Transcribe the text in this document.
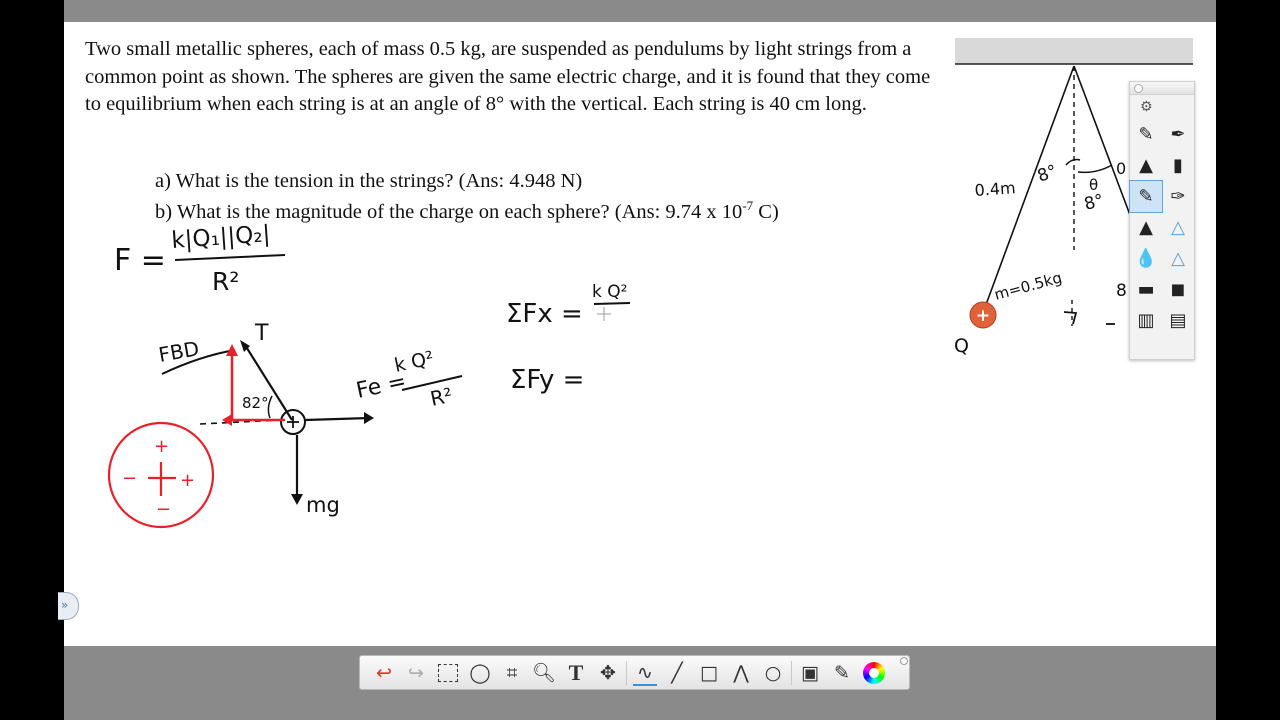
Two small metallic spheres, each of mass 0.5 kg, are suspended as pendulums by light strings from a common point as shown. The spheres are given the same electric charge, and it is found that they come to equilibrium when each string is at an angle of 8° with the vertical. Each string is 40 cm long.

a) What is the tension in the strings? (Ans: 4.948 N)
b) What is the magnitude of the charge on each sphere? (Ans: 9.74 x $10^{-7}$ C)
+
0.4m
8° θ
8°
m=0.5kg
Q
0
8
F =
k|Q₁||Q₂|
R²
FBD
T
82°
+
+
−
−
Fe =
k Q²
R²
mg
ΣFx =
k Q²
ΣFy =
»
⚙
✎ ✒
▲	▮
✎ ✑
▲	△
💧 △
▬ ◼
▥ ▤
↩ ↪	◯ ⌗ 🔍︎ T ✥	∿ ╱ □ ⋀ ○	▣ ✎
